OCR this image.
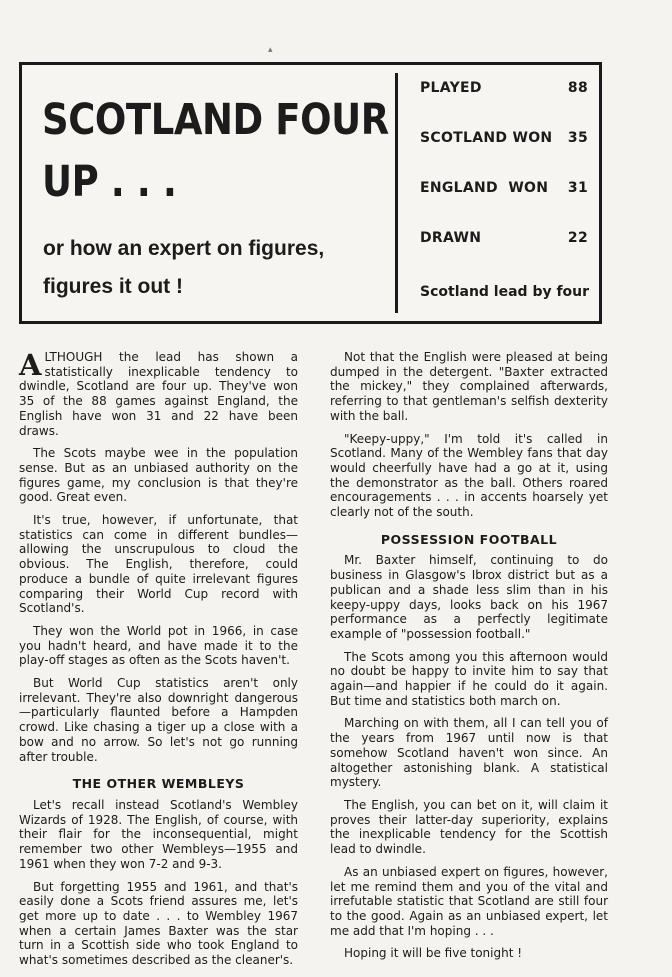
▴
SCOTLAND FOUR
UP . . .
or how an expert on figures,
figures it out !
PLAYED	88
SCOTLAND WON 35
ENGLAND  WON 31
DRAWN	22
Scotland lead by four

ALTHOUGH the lead has shown a statistically inexplicable tendency to dwindle, Scotland are four up. They've won 35 of the 88 games against England, the English have won 31 and 22 have been draws.

The Scots maybe wee in the population sense. But as an unbiased authority on the figures game, my conclusion is that they're good. Great even.

It's true, however, if unfortunate, that statistics can come in different bundles—allowing the unscrupulous to cloud the obvious. The English, therefore, could produce a bundle of quite irrelevant figures comparing their World Cup record with Scotland's.

They won the World pot in 1966, in case you hadn't heard, and have made it to the play-off stages as often as the Scots haven't.

But World Cup statistics aren't only irrelevant. They're also downright dangerous—particularly flaunted before a Hampden crowd. Like chasing a tiger up a close with a bow and no arrow. So let's not go running after trouble.

THE OTHER WEMBLEYS

Let's recall instead Scotland's Wembley Wizards of 1928. The English, of course, with their flair for the inconsequential, might remember two other Wembleys—1955 and 1961 when they won 7-2 and 9-3.

But forgetting 1955 and 1961, and that's easily done a Scots friend assures me, let's get more up to date . . . to Wembley 1967 when a certain James Baxter was the star turn in a Scottish side who took England to what's sometimes described as the cleaner's.

Not that the English were pleased at being dumped in the detergent. "Baxter extracted the mickey," they complained afterwards, referring to that gentleman's selfish dexterity with the ball.

"Keepy-uppy," I'm told it's called in Scotland. Many of the Wembley fans that day would cheerfully have had a go at it, using the demonstrator as the ball. Others roared encouragements . . . in accents hoarsely yet clearly not of the south.

POSSESSION FOOTBALL

Mr. Baxter himself, continuing to do business in Glasgow's Ibrox district but as a publican and a shade less slim than in his keepy-uppy days, looks back on his 1967 performance as a perfectly legitimate example of "possession football."

The Scots among you this afternoon would no doubt be happy to invite him to say that again—and happier if he could do it again. But time and statistics both march on.

Marching on with them, all I can tell you of the years from 1967 until now is that somehow Scotland haven't won since. An altogether astonishing blank. A statistical mystery.

The English, you can bet on it, will claim it proves their latter-day superiority, explains the inexplicable tendency for the Scottish lead to dwindle.

As an unbiased expert on figures, however, let me remind them and you of the vital and irrefutable statistic that Scotland are still four to the good. Again as an unbiased expert, let me add that I'm hoping . . .

Hoping it will be five tonight !
